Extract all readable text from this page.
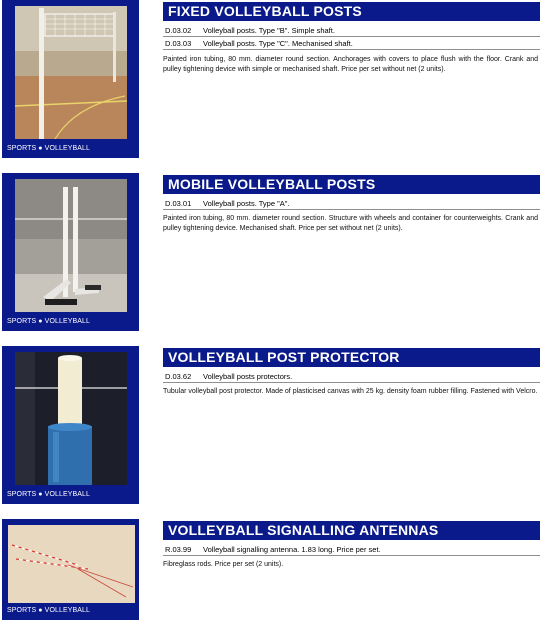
SPORTS ● VOLLEYBALL
FIXED VOLLEYBALL POSTS
D.03.02 Volleyball posts. Type "B". Simple shaft.
D.03.03 Volleyball posts. Type "C". Mechanised shaft.
Painted iron tubing, 80 mm. diameter round section. Anchorages with covers to place flush with the floor. Crank and pulley tightening device with simple or mechanised shaft. Price per set without net (2 units).
SPORTS ● VOLLEYBALL
MOBILE VOLLEYBALL POSTS
D.03.01 Volleyball posts. Type "A".
Painted iron tubing, 80 mm. diameter round section. Structure with wheels and container for counterweights. Crank and pulley tightening device. Mechanised shaft. Price per set without net (2 units).
SPORTS ● VOLLEYBALL
VOLLEYBALL POST PROTECTOR
D.03.62 Volleyball posts protectors.
Tubular volleyball post protector. Made of plasticised canvas with 25 kg. density foam rubber filling. Fastened with Velcro.
SPORTS ● VOLLEYBALL
VOLLEYBALL SIGNALLING ANTENNAS
R.03.99 Volleyball signalling antenna. 1.83 long. Price per set.
Fibreglass rods. Price per set (2 units).
